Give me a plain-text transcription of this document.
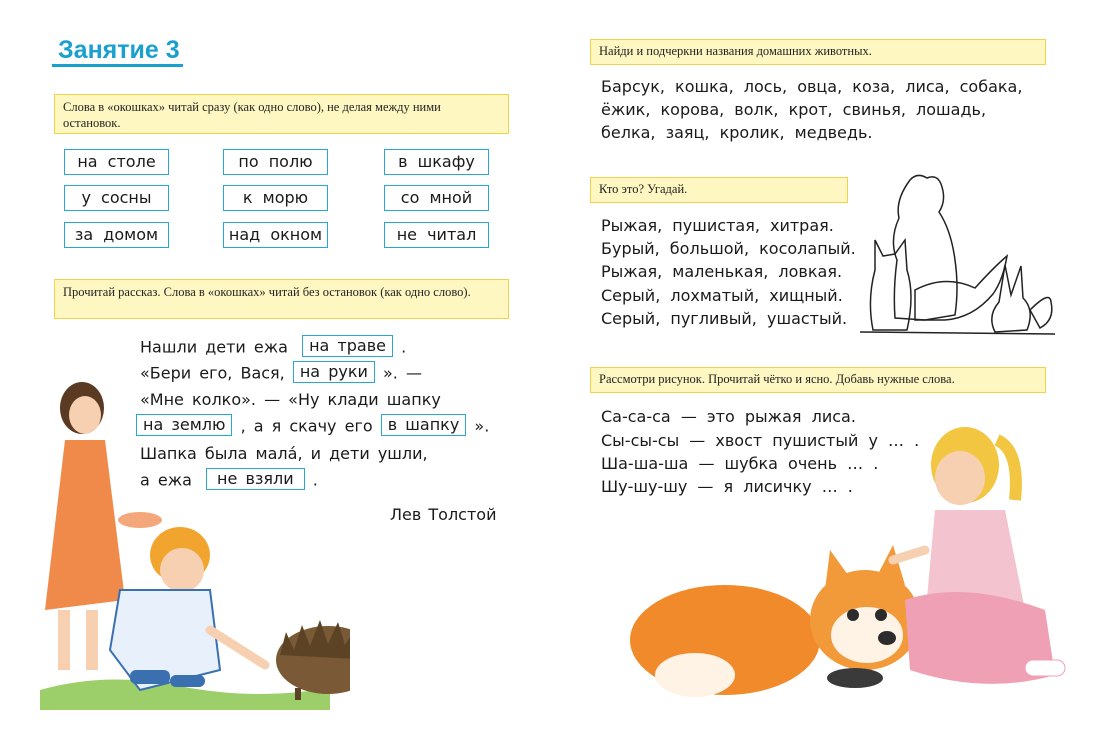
Занятие 3
Слова в «окошках» читай сразу (как одно слово), не делая между ними остановок.
на столе	по полю	в шкафу
у сосны	к морю	со мной
за домом	над окном	не читал
Прочитай рассказ. Слова в «окошках» читай без остановок (как одно слово).
Нашли дети ежа на траве .
«Бери его, Вася, на руки ». —
«Мне колко». — «Ну клади шапку
на землю , а я скачу его в шапку ».
Шапка была мала́, и дети ушли,
а ежа не взяли .
Лев Толстой
Найди и подчеркни названия домашних животных.
Барсук, кошка, лось, овца, коза, лиса, собака,
ёжик, корова, волк, крот, свинья, лошадь,
белка, заяц, кролик, медведь.
Кто это? Угадай.
Рыжая, пушистая, хитрая.
Бурый, большой, косолапый.
Рыжая, маленькая, ловкая.
Серый, лохматый, хищный.
Серый, пугливый, ушастый.
Рассмотри рисунок. Прочитай чётко и ясно. Добавь нужные слова.
Са-са-са — это рыжая лиса.
Сы-сы-сы — хвост пушистый у … .
Ша-ша-ша — шубка очень … .
Шу-шу-шу — я лисичку … .
